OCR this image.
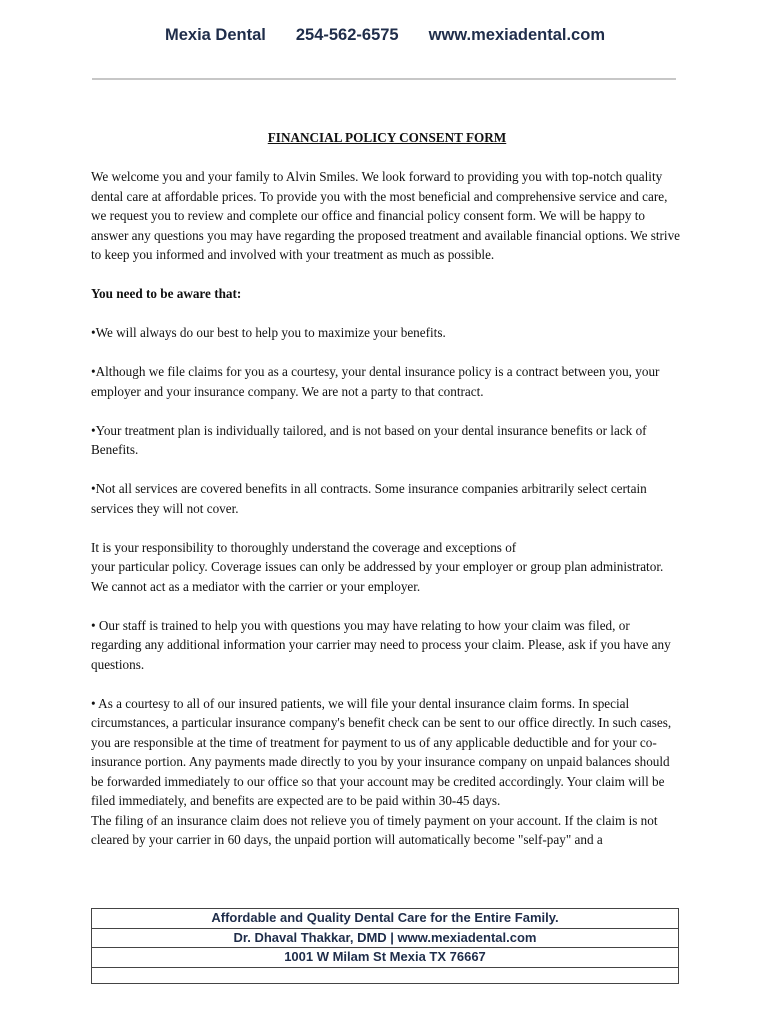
Mexia Dental 254-562-6575 www.mexiadental.com
FINANCIAL POLICY CONSENT FORM

We welcome you and your family to Alvin Smiles. We look forward to providing you with top-notch quality dental care at affordable prices. To provide you with the most beneficial and comprehensive service and care, we request you to review and complete our office and financial policy consent form. We will be happy to answer any questions you may have regarding the proposed treatment and available financial options. We strive to keep you informed and involved with your treatment as much as possible.

You need to be aware that:

•We will always do our best to help you to maximize your benefits.

•Although we file claims for you as a courtesy, your dental insurance policy is a contract between you, your employer and your insurance company. We are not a party to that contract.

•Your treatment plan is individually tailored, and is not based on your dental insurance benefits or lack of Benefits.

•Not all services are covered benefits in all contracts. Some insurance companies arbitrarily select certain services they will not cover.

It is your responsibility to thoroughly understand the coverage and exceptions of
your particular policy. Coverage issues can only be addressed by your employer or group plan administrator. We cannot act as a mediator with the carrier or your employer.

• Our staff is trained to help you with questions you may have relating to how your claim was filed, or regarding any additional information your carrier may need to process your claim. Please, ask if you have any questions.

• As a courtesy to all of our insured patients, we will file your dental insurance claim forms. In special circumstances, a particular insurance company's benefit check can be sent to our office directly. In such cases, you are responsible at the time of treatment for payment to us of any applicable deductible and for your co-insurance portion. Any payments made directly to you by your insurance company on unpaid balances should be forwarded immediately to our office so that your account may be credited accordingly. Your claim will be filed immediately, and benefits are expected are to be paid within 30-45 days.

The filing of an insurance claim does not relieve you of timely payment on your account. If the claim is not cleared by your carrier in 60 days, the unpaid portion will automatically become "self-pay" and a

Affordable and Quality Dental Care for the Entire Family.
Dr. Dhaval Thakkar, DMD | www.mexiadental.com
1001 W Milam St Mexia TX 76667
